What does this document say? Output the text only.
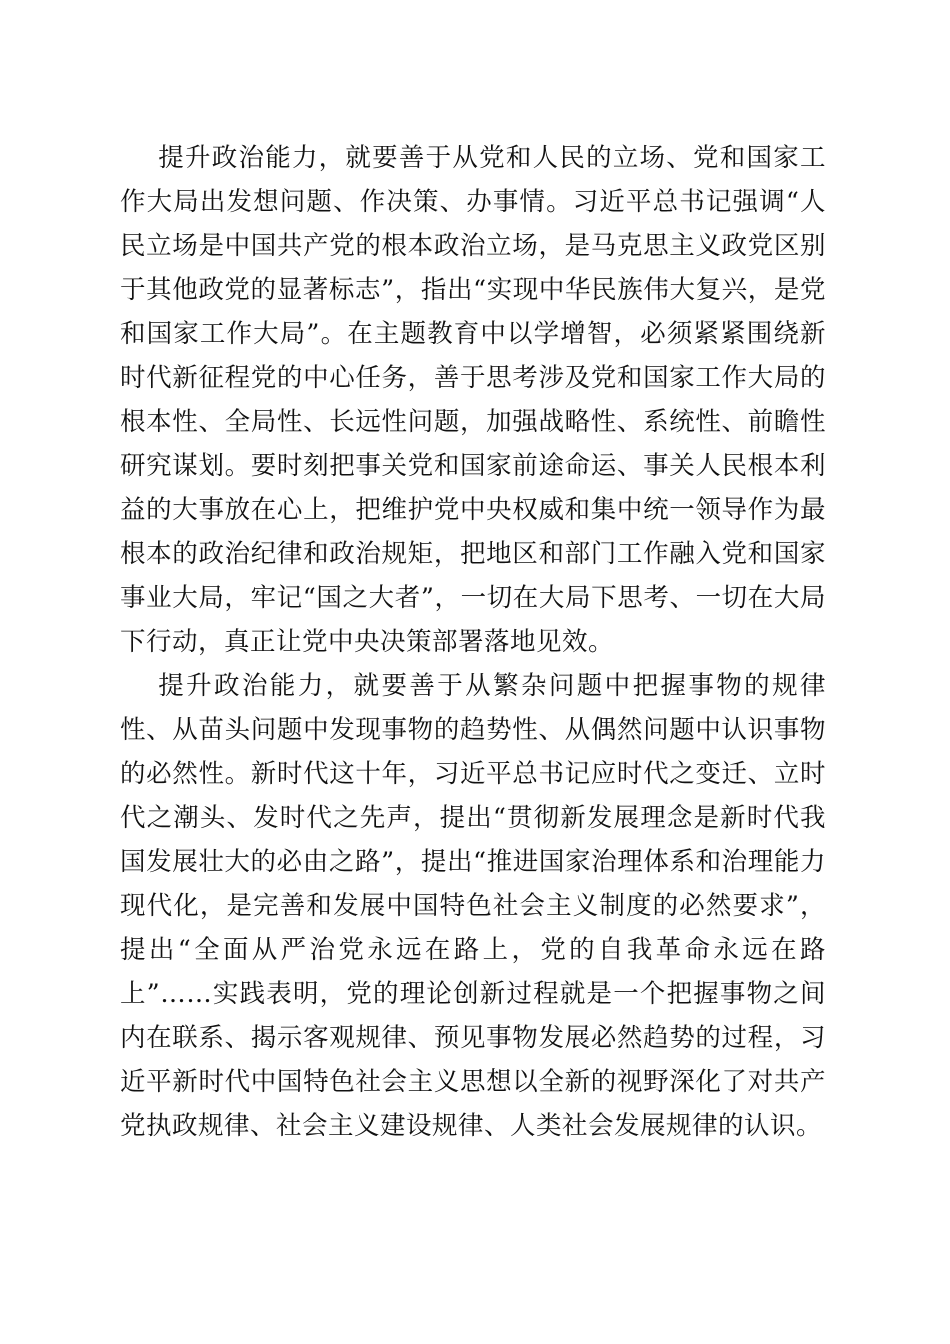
提升政治能力，就要善于从党和人民的立场、党和国家工作大局出发想问题、作决策、办事情。习近平总书记强调“人民立场是中国共产党的根本政治立场，是马克思主义政党区别于其他政党的显著标志”，指出“实现中华民族伟大复兴，是党和国家工作大局”。在主题教育中以学增智，必须紧紧围绕新时代新征程党的中心任务，善于思考涉及党和国家工作大局的根本性、全局性、长远性问题，加强战略性、系统性、前瞻性研究谋划。要时刻把事关党和国家前途命运、事关人民根本利益的大事放在心上，把维护党中央权威和集中统一领导作为最根本的政治纪律和政治规矩，把地区和部门工作融入党和国家事业大局，牢记“国之大者”，一切在大局下思考、一切在大局下行动，真正让党中央决策部署落地见效。

提升政治能力，就要善于从繁杂问题中把握事物的规律性、从苗头问题中发现事物的趋势性、从偶然问题中认识事物的必然性。新时代这十年，习近平总书记应时代之变迁、立时代之潮头、发时代之先声，提出“贯彻新发展理念是新时代我国发展壮大的必由之路”，提出“推进国家治理体系和治理能力现代化，是完善和发展中国特色社会主义制度的必然要求”，提出“全面从严治党永远在路上，党的自我革命永远在路上”……实践表明，党的理论创新过程就是一个把握事物之间内在联系、揭示客观规律、预见事物发展必然趋势的过程，习近平新时代中国特色社会主义思想以全新的视野深化了对共产党执政规律、社会主义建设规律、人类社会发展规律的认识。
